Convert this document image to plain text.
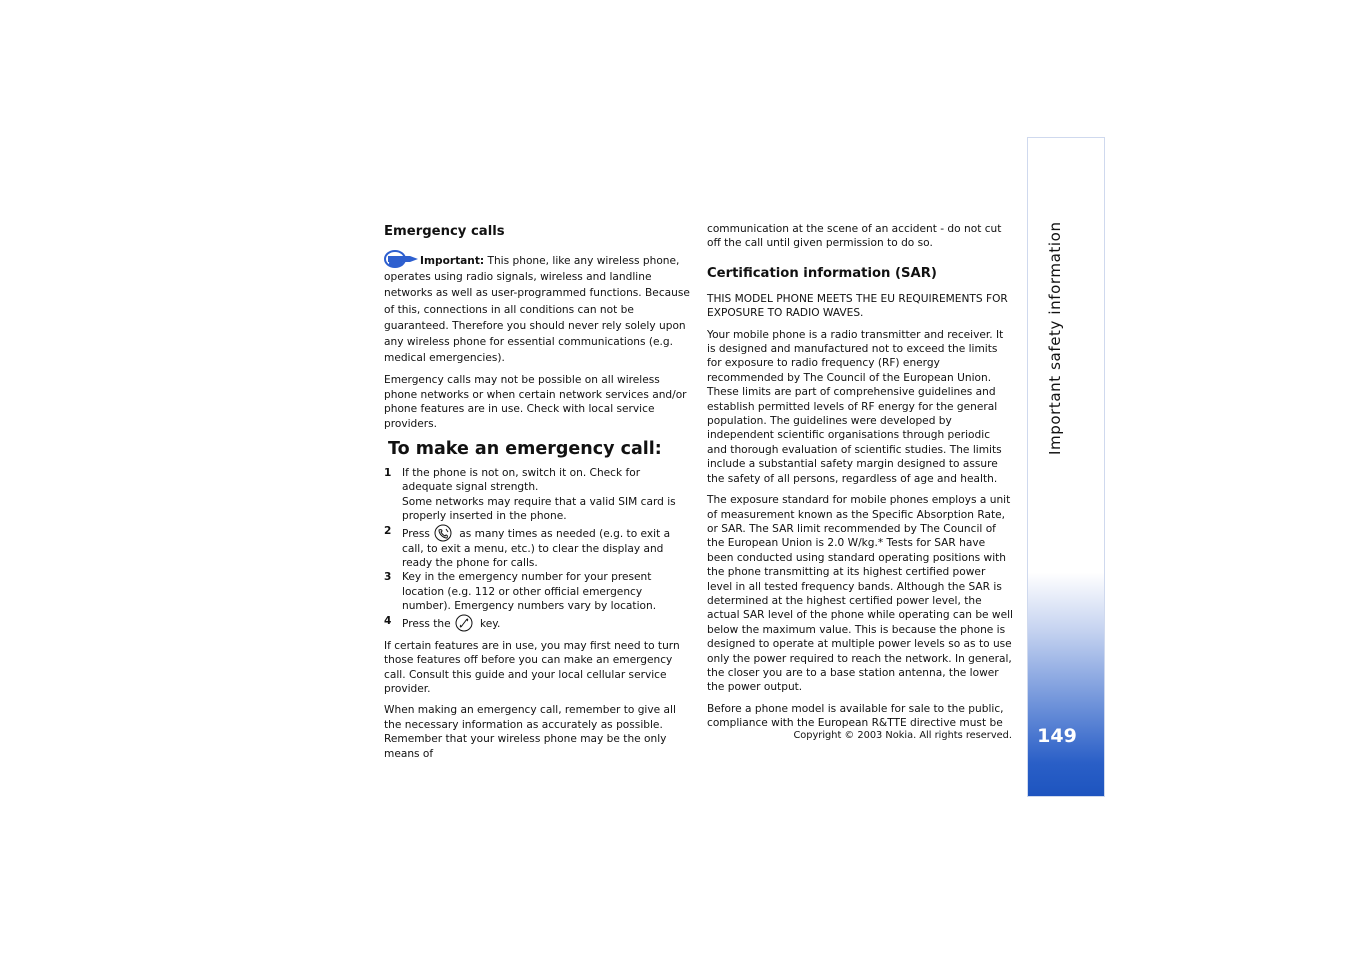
Important safety information
149
Emergency calls

Important: This phone, like any wireless phone, operates using radio signals, wireless and landline networks as well as user-programmed functions. Because of this, connections in all conditions can not be guaranteed. Therefore you should never rely solely upon any wireless phone for essential communications (e.g. medical emergencies).

Emergency calls may not be possible on all wireless phone networks or when certain network services and/or phone features are in use. Check with local service providers.

To make an emergency call:
1 If the phone is not on, switch it on. Check for adequate signal strength.
Some networks may require that a valid SIM card is properly inserted in the phone.
2 Press as many times as needed (e.g. to exit a call, to exit a menu, etc.) to clear the display and ready the phone for calls.
3 Key in the emergency number for your present location (e.g. 112 or other official emergency number). Emergency numbers vary by location.
4 Press the key.

If certain features are in use, you may first need to turn those features off before you can make an emergency call. Consult this guide and your local cellular service provider.

When making an emergency call, remember to give all the necessary information as accurately as possible. Remember that your wireless phone may be the only means of

communication at the scene of an accident - do not cut off the call until given permission to do so.

Certification information (SAR)

THIS MODEL PHONE MEETS THE EU REQUIREMENTS FOR EXPOSURE TO RADIO WAVES.

Your mobile phone is a radio transmitter and receiver. It is designed and manufactured not to exceed the limits for exposure to radio frequency (RF) energy recommended by The Council of the European Union. These limits are part of comprehensive guidelines and establish permitted levels of RF energy for the general population. The guidelines were developed by independent scientific organisations through periodic and thorough evaluation of scientific studies. The limits include a substantial safety margin designed to assure the safety of all persons, regardless of age and health.

The exposure standard for mobile phones employs a unit of measurement known as the Specific Absorption Rate, or SAR. The SAR limit recommended by The Council of the European Union is 2.0 W/kg.* Tests for SAR have been conducted using standard operating positions with the phone transmitting at its highest certified power level in all tested frequency bands. Although the SAR is determined at the highest certified power level, the actual SAR level of the phone while operating can be well below the maximum value. This is because the phone is designed to operate at multiple power levels so as to use only the power required to reach the network. In general, the closer you are to a base station antenna, the lower the power output.

Before a phone model is available for sale to the public, compliance with the European R&TTE directive must be

Copyright © 2003 Nokia. All rights reserved.
